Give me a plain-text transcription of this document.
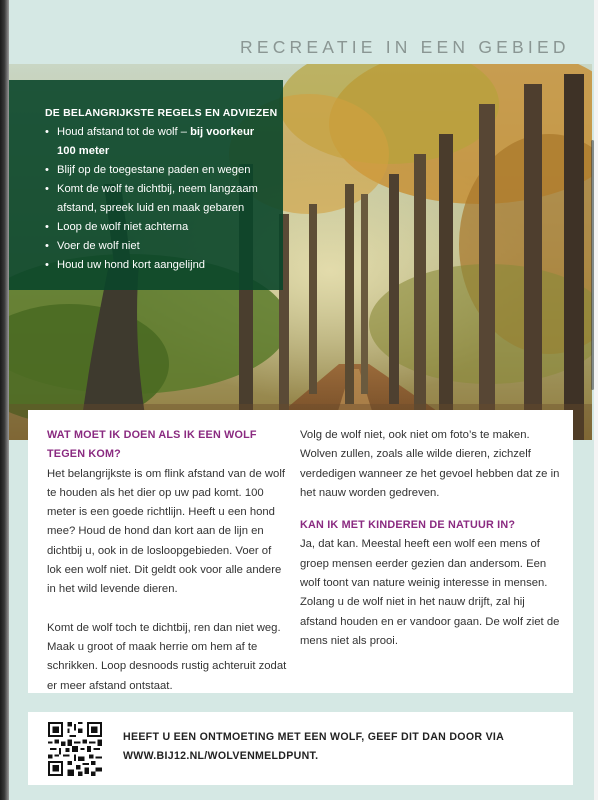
RECREATIE IN EEN GEBIED
DE BELANGRIJKSTE REGELS EN ADVIEZEN
• Houd afstand tot de wolf – bij voorkeur 100 meter
• Blijf op de toegestane paden en wegen
• Komt de wolf te dichtbij, neem langzaam afstand, spreek luid en maak gebaren
• Loop de wolf niet achterna
• Voer de wolf niet
• Houd uw hond kort aangelijnd
WAT MOET IK DOEN ALS IK EEN WOLF TEGEN KOM?

Het belangrijkste is om flink afstand van de wolf te houden als het dier op uw pad komt. 100 meter is een goede richtlijn. Heeft u een hond mee? Houd de hond dan kort aan de lijn en dichtbij u, ook in de losloopgebieden. Voer of lok een wolf niet. Dit geldt ook voor alle andere in het wild levende dieren.

Komt de wolf toch te dichtbij, ren dan niet weg. Maak u groot of maak herrie om hem af te schrikken. Loop desnoods rustig achteruit zodat er meer afstand ontstaat.

Volg de wolf niet, ook niet om foto’s te maken. Wolven zullen, zoals alle wilde dieren, zichzelf verdedigen wanneer ze het gevoel hebben dat ze in het nauw worden gedreven.

KAN IK MET KINDEREN DE NATUUR IN?

Ja, dat kan. Meestal heeft een wolf een mens of groep mensen eerder gezien dan andersom. Een wolf toont van nature weinig interesse in mensen. Zolang u de wolf niet in het nauw drijft, zal hij afstand houden en er vandoor gaan. De wolf ziet de mens niet als prooi.

HEEFT U EEN ONTMOETING MET EEN WOLF, GEEF DIT DAN DOOR VIA
WWW.BIJ12.NL/WOLVENMELDPUNT.
